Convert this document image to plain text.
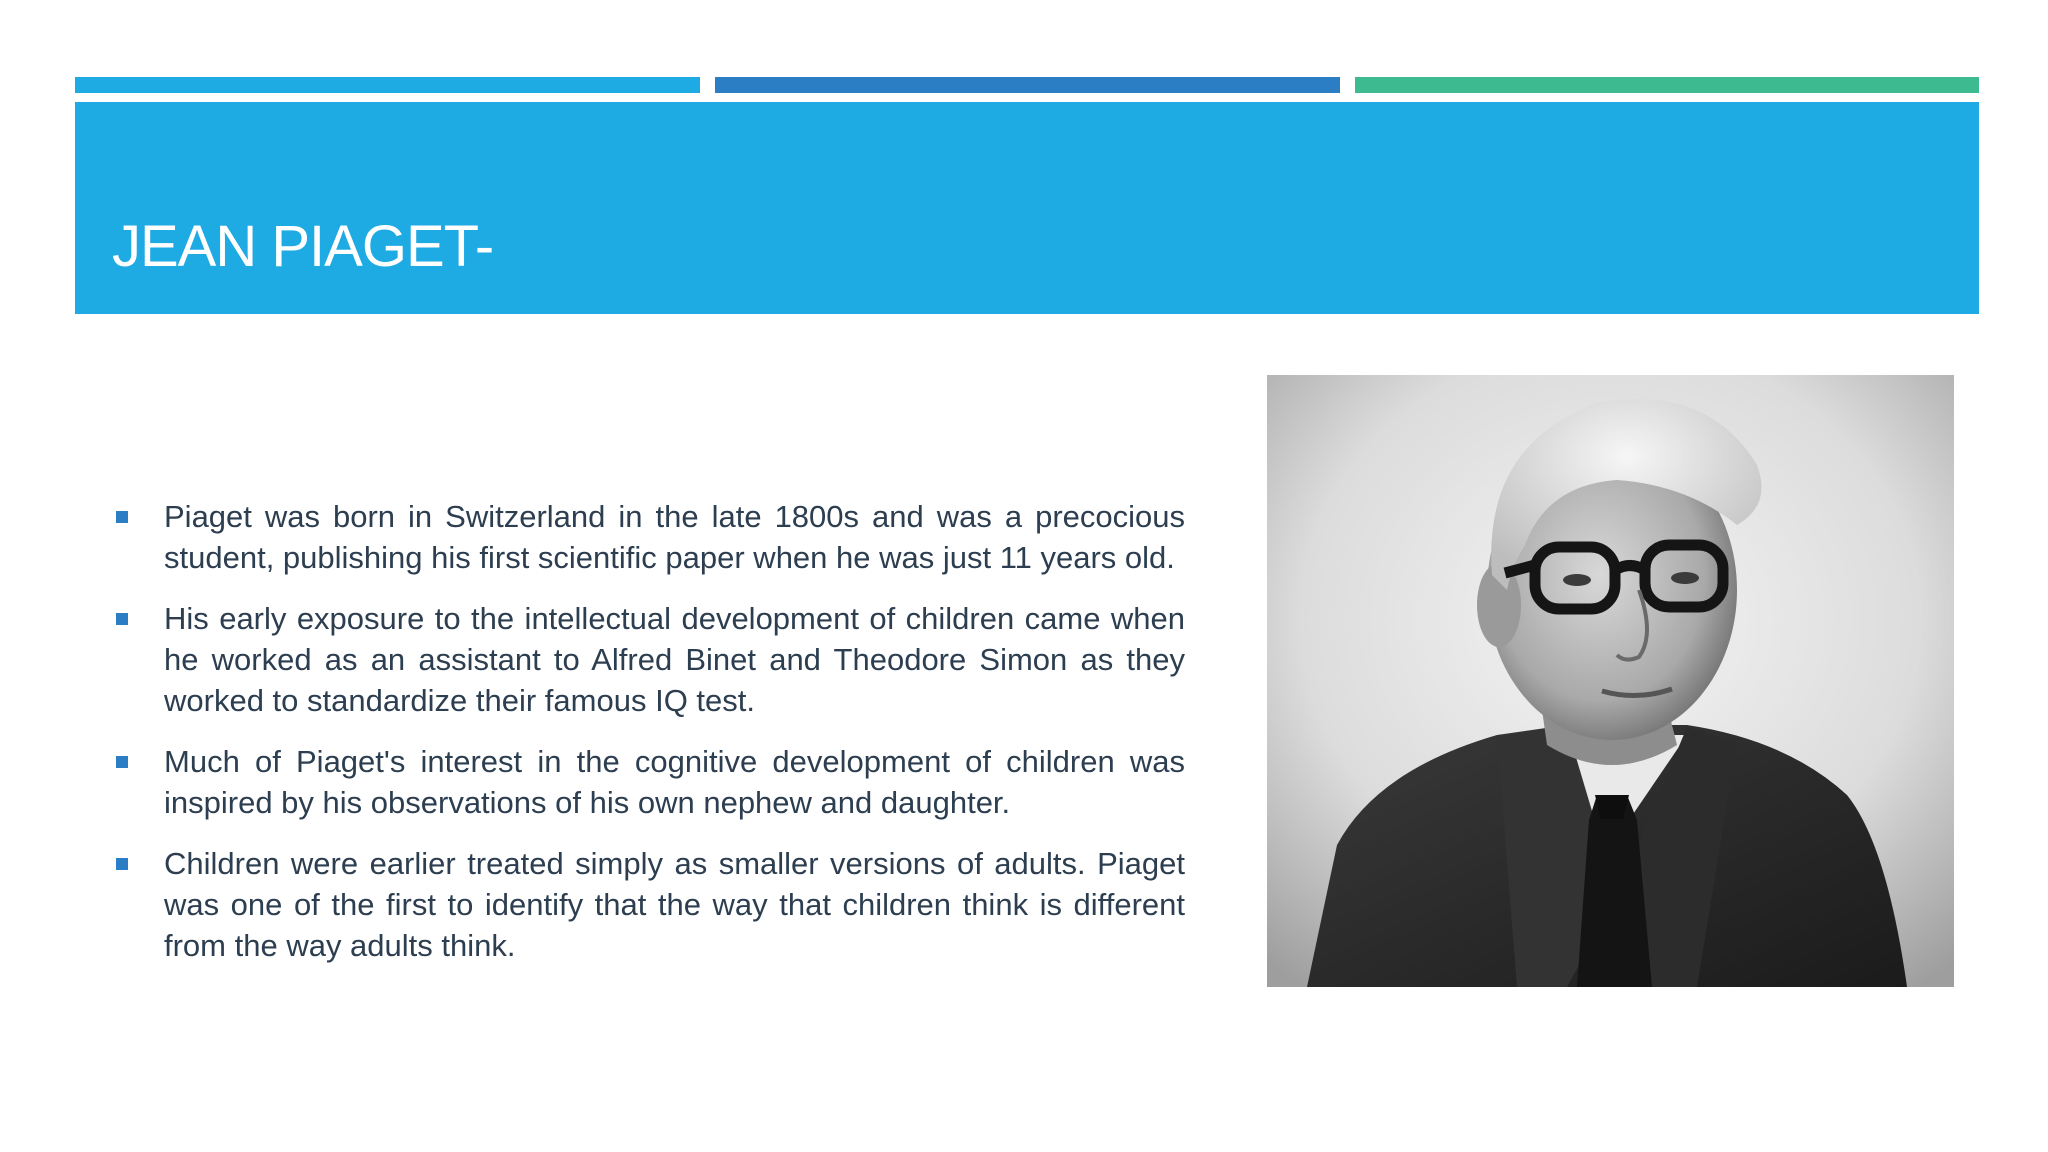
JEAN PIAGET-
Piaget was born in Switzerland in the late 1800s and was a precocious student, publishing his first scientific paper when he was just 11 years old.
His early exposure to the intellectual development of children came when he worked as an assistant to Alfred Binet and Theodore Simon as they worked to standardize their famous IQ test.
Much of Piaget's interest in the cognitive development of children was inspired by his observations of his own nephew and daughter.
Children were earlier treated simply as smaller versions of adults. Piaget was one of the first to identify that the way that children think is different from the way adults think.
